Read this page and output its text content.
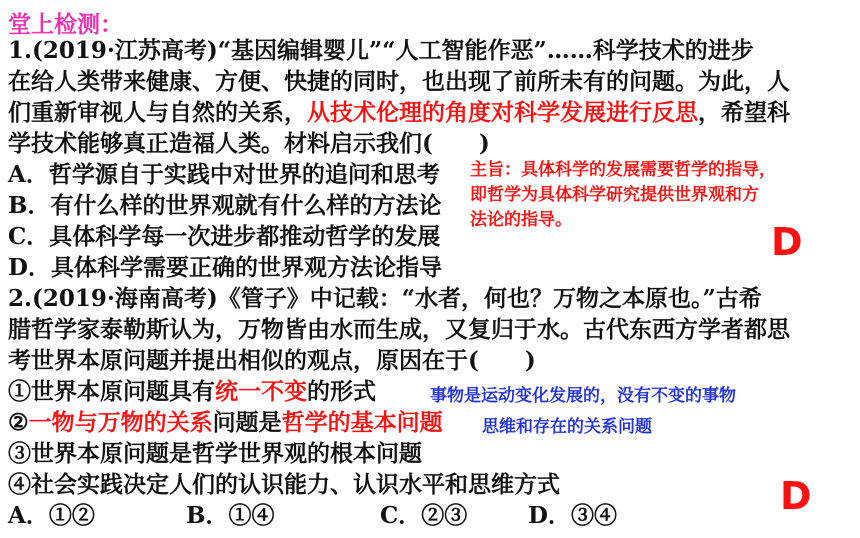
堂上检测：
1.(2019·江苏高考)“基因编辑婴儿”“人工智能作恶”……科学技术的进步
在给人类带来健康、方便、快捷的同时，也出现了前所未有的问题。为此，人
们重新审视人与自然的关系，从技术伦理的角度对科学发展进行反思，希望科
学技术能够真正造福人类。材料启示我们(　　)
A．哲学源自于实践中对世界的追问和思考
B．有什么样的世界观就有什么样的方法论
C．具体科学每一次进步都推动哲学的发展
D．具体科学需要正确的世界观方法论指导
主旨：具体科学的发展需要哲学的指导，
即哲学为具体科学研究提供世界观和方
法论的指导。	D
2.(2019·海南高考)《管子》中记载：“水者，何也？万物之本原也。”古希
腊哲学家泰勒斯认为，万物皆由水而生成，又复归于水。古代东西方学者都思
考世界本原问题并提出相似的观点，原因在于(　　)
①世界本原问题具有统一不变的形式	事物是运动变化发展的，没有不变的事物
②一物与万物的关系问题是哲学的基本问题 思维和存在的关系问题
③世界本原问题是哲学世界观的根本问题
④社会实践决定人们的认识能力、认识水平和思维方式
A．①②	B．①④	C．②③	D．③④	D
